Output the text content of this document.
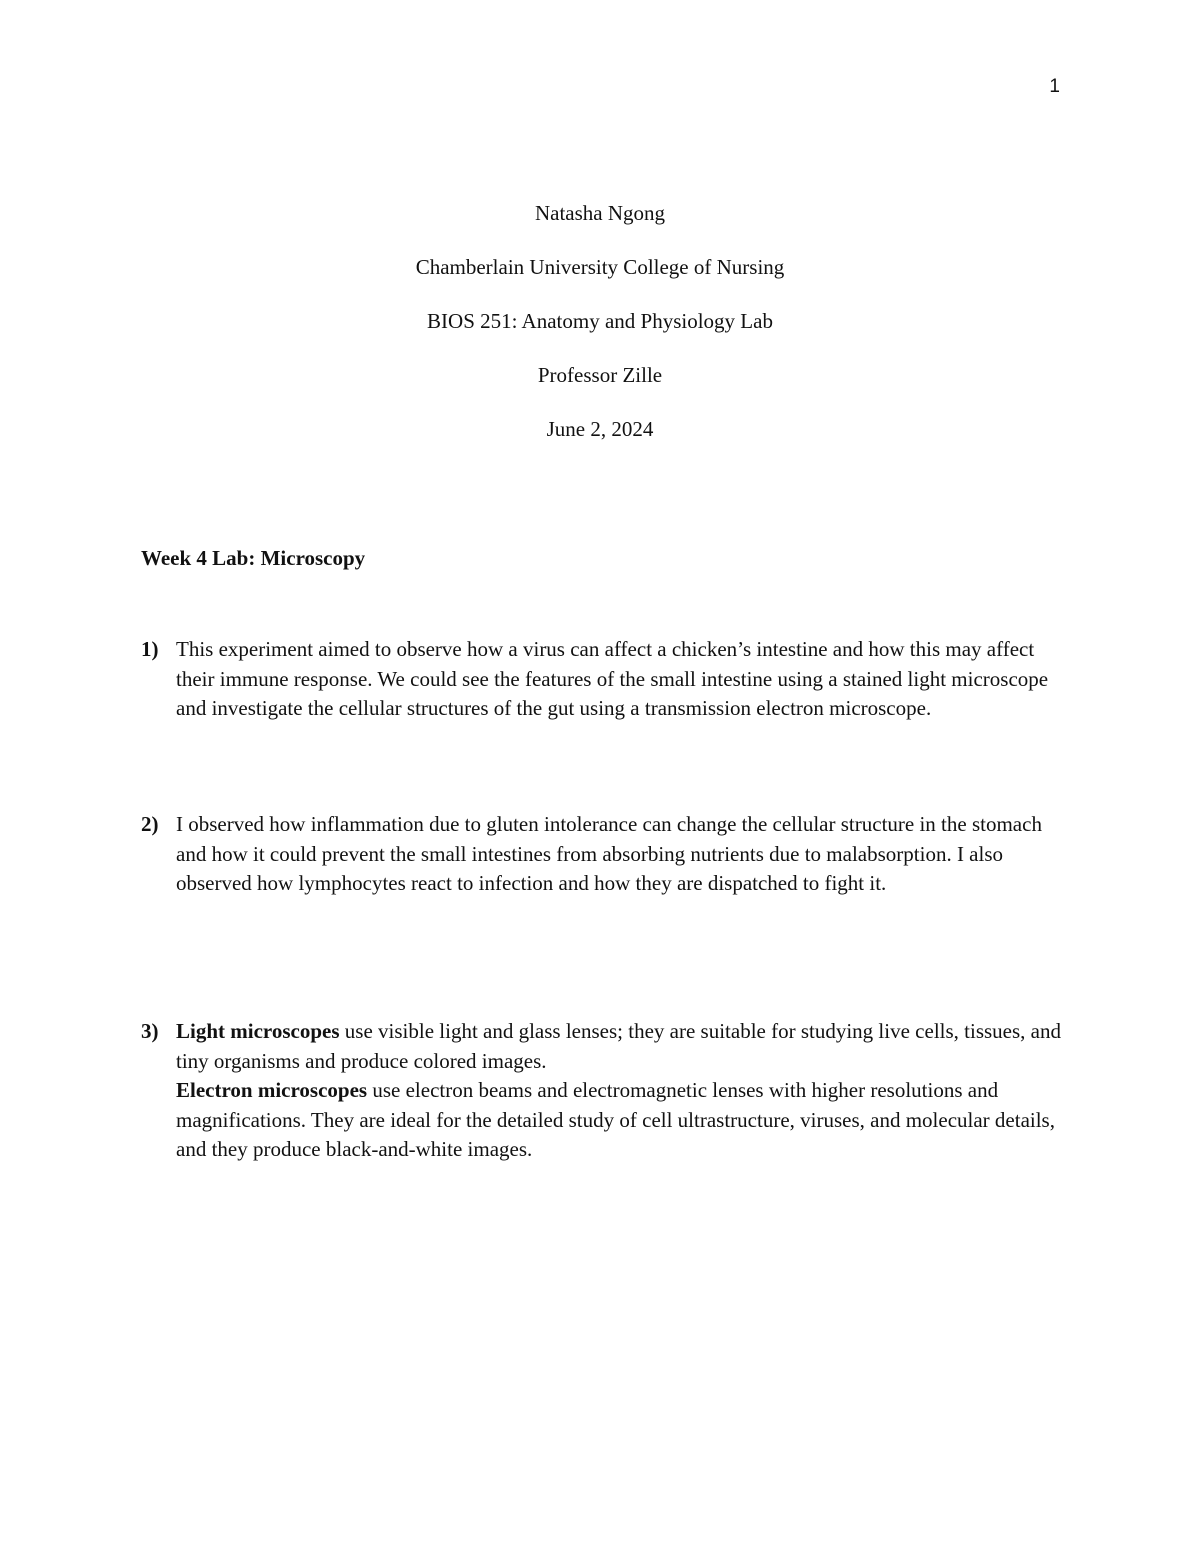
1
Natasha Ngong
Chamberlain University College of Nursing
BIOS 251: Anatomy and Physiology Lab
Professor Zille
June 2, 2024
Week 4 Lab: Microscopy
1) This experiment aimed to observe how a virus can affect a chicken’s intestine and how this may affect their immune response. We could see the features of the small intestine using a stained light microscope and investigate the cellular structures of the gut using a transmission electron microscope.
2) I observed how inflammation due to gluten intolerance can change the cellular structure in the stomach and how it could prevent the small intestines from absorbing nutrients due to malabsorption. I also observed how lymphocytes react to infection and how they are dispatched to fight it.
3) Light microscopes use visible light and glass lenses; they are suitable for studying live cells, tissues, and tiny organisms and produce colored images.
Electron microscopes use electron beams and electromagnetic lenses with higher resolutions and magnifications. They are ideal for the detailed study of cell ultrastructure, viruses, and molecular details, and they produce black-and-white images.
